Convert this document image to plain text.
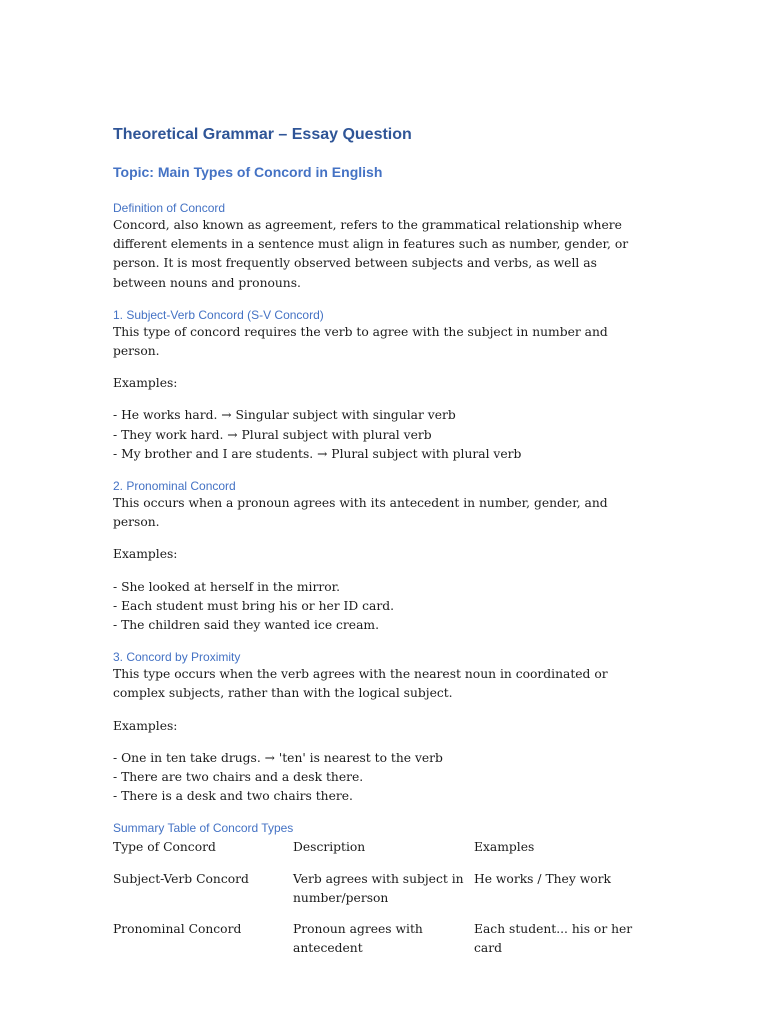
Theoretical Grammar – Essay Question
Topic: Main Types of Concord in English
Definition of Concord

Concord, also known as agreement, refers to the grammatical relationship where different elements in a sentence must align in features such as number, gender, or person. It is most frequently observed between subjects and verbs, as well as between nouns and pronouns.

1. Subject-Verb Concord (S-V Concord)

This type of concord requires the verb to agree with the subject in number and person.

Examples:

- He works hard. → Singular subject with singular verb
- They work hard. → Plural subject with plural verb
- My brother and I are students. → Plural subject with plural verb
2. Pronominal Concord

This occurs when a pronoun agrees with its antecedent in number, gender, and person.

Examples:

- She looked at herself in the mirror.
- Each student must bring his or her ID card.
- The children said they wanted ice cream.
3. Concord by Proximity

This type occurs when the verb agrees with the nearest noun in coordinated or complex subjects, rather than with the logical subject.

Examples:

- One in ten take drugs. → 'ten' is nearest to the verb
- There are two chairs and a desk there.
- There is a desk and two chairs there.
Summary Table of Concord Types
Type of Concord	Description	Examples
Subject-Verb Concord	Verb agrees with subject in number/person	He works / They work
Pronominal Concord	Pronoun agrees with antecedent	Each student... his or her card
